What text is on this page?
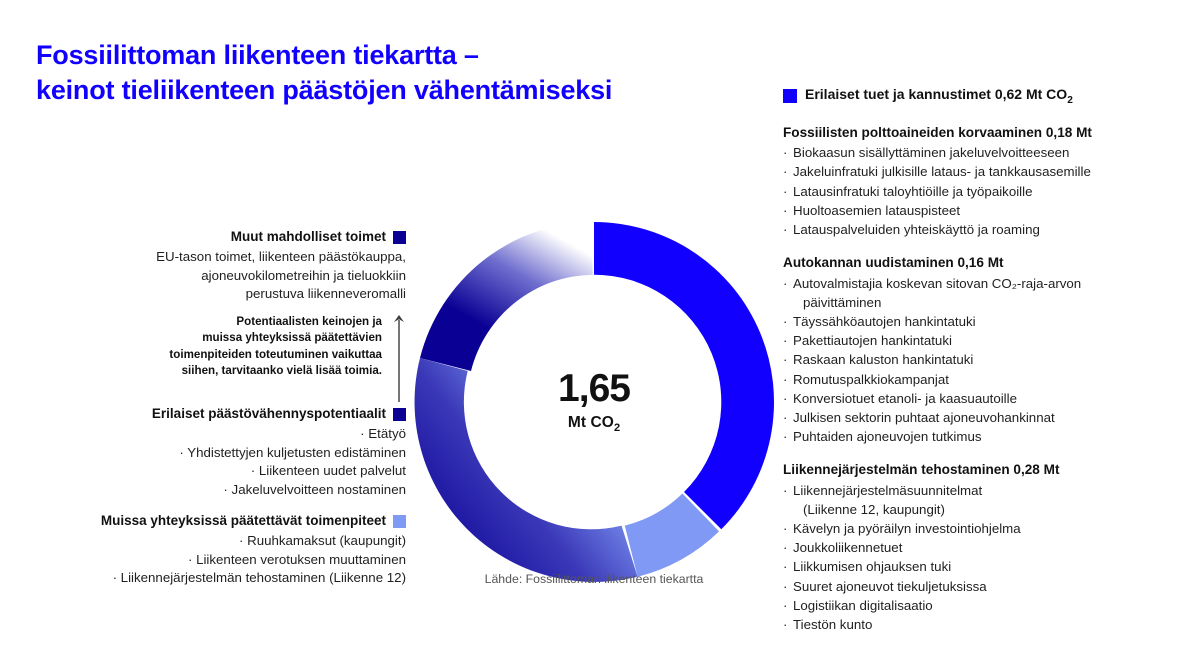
Fossiilittoman liikenteen tiekartta –
keinot tieliikenteen päästöjen vähentämiseksi
Muut mahdolliset toimet
EU-tason toimet, liikenteen päästökauppa,
ajoneuvokilometreihin ja tieluokkiin
perustuva liikenneveromalli
Potentiaalisten keinojen ja
muissa yhteyksissä päätettävien
toimenpiteiden toteutuminen vaikuttaa
siihen, tarvitaanko vielä lisää toimia.
Erilaiset päästövähennyspotentiaalit
· Etätyö
· Yhdistettyjen kuljetusten edistäminen
· Liikenteen uudet palvelut
· Jakeluvelvoitteen nostaminen
Muissa yhteyksissä päätettävät toimenpiteet
· Ruuhkamaksut (kaupungit)
· Liikenteen verotuksen muuttaminen
· Liikennejärjestelmän tehostaminen (Liikenne 12)
1,65
Mt $CO_2$
Lähde: Fossiilittoman liikenteen tiekartta
Erilaiset tuet ja kannustimet 0,62 Mt $CO_2$
Fossiilisten polttoaineiden korvaaminen 0,18 Mt
· Biokaasun sisällyttäminen jakeluvelvoitteeseen
· Jakeluinfratuki julkisille lataus- ja tankkausasemille
· Latausinfratuki taloyhtiöille ja työpaikoille
· Huoltoasemien latauspisteet
· Latauspalveluiden yhteiskäyttö ja roaming
Autokannan uudistaminen 0,16 Mt
· Autovalmistajia koskevan sitovan CO₂-raja-arvon
päivittäminen
· Täyssähköautojen hankintatuki
· Pakettiautojen hankintatuki
· Raskaan kaluston hankintatuki
· Romutuspalkkiokampanjat
· Konversiotuet etanoli- ja kaasuautoille
· Julkisen sektorin puhtaat ajoneuvohankinnat
· Puhtaiden ajoneuvojen tutkimus
Liikennejärjestelmän tehostaminen 0,28 Mt
· Liikennejärjestelmäsuunnitelmat
(Liikenne 12, kaupungit)
· Kävelyn ja pyöräilyn investointiohjelma
· Joukkoliikennetuet
· Liikkumisen ohjauksen tuki
· Suuret ajoneuvot tiekuljetuksissa
· Logistiikan digitalisaatio
· Tiestön kunto
